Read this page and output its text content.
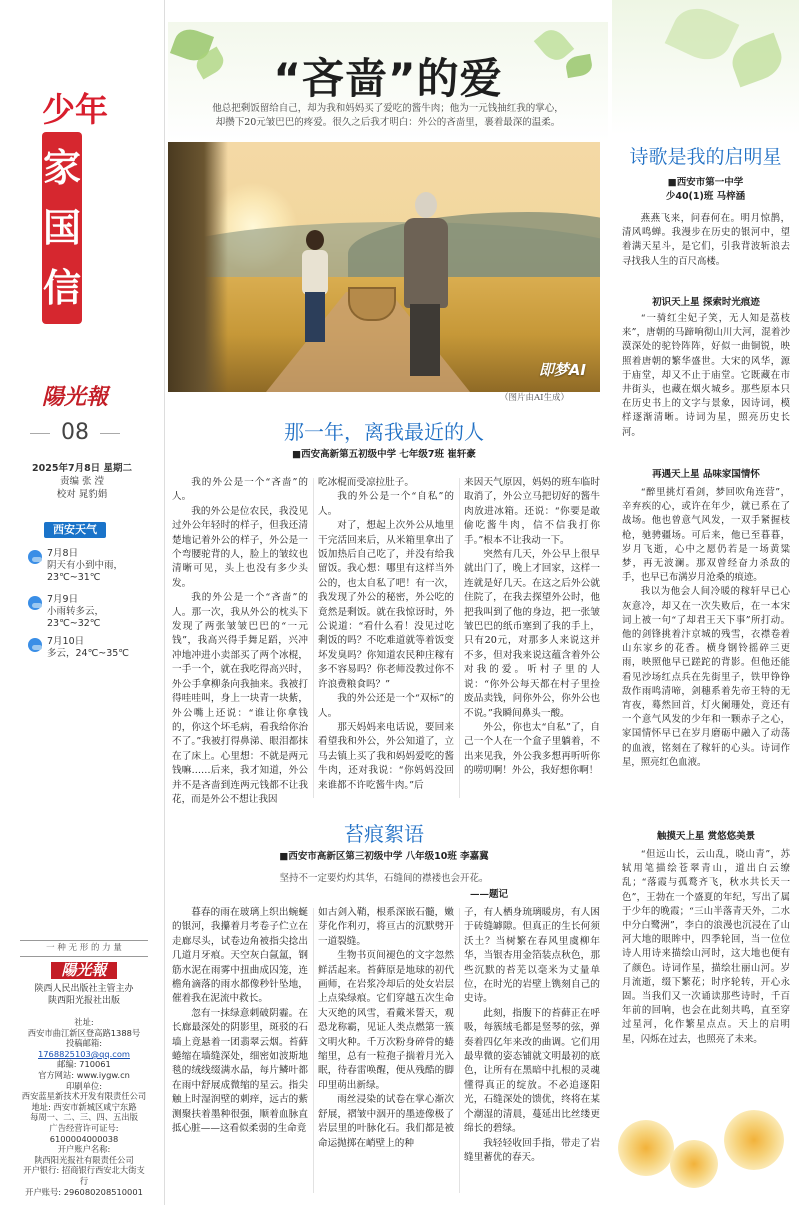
少年
家国信
陽光報
08
2025年7月8日 星期二
责编 张 滢
校对 晁豹娟
西安天气
7月8日
阴天有小到中雨，
23℃~31℃
7月9日
小雨转多云，
23℃~32℃
7月10日
多云，24℃~35℃
一 种 无 形 的 力 量
陽光報
陕西人民出版社主管主办
陕西阳光报社出版
社址:
西安市曲江新区登高路1388号
投稿邮箱:
1768825103@qq.com
邮编: 710061
官方网站: www.iygw.cn
印刷单位:
西安蓝星新技术开发有限责任公司
地址: 西安市新城区咸宁东路
每周一、二、三、四、五出版
广告经营许可证号:
6100004000038
开户账户名称:
陕西阳光报社有限责任公司
开户银行: 招商银行西安北大街支行
开户账号: 296080208510001
“吝啬”的爱
他总把剩饭留给自己，却为我和妈妈买了爱吃的酱牛肉；他为一元钱抽红我的掌心，
却攒下20元皱巴巴的疼爱。很久之后我才明白：外公的吝啬里，裹着最深的温柔。
即梦AI
（图片由AI生成）
那一年，离我最近的人
■西安高新第五初级中学 七年级7班 崔轩豪

我的外公是一个“吝啬”的人。

我的外公是位农民，我没见过外公年轻时的样子，但我还清楚地记着外公的样子，外公是一个弯腰驼背的人，脸上的皱纹也清晰可见，头上也没有多少头发。

我的外公是一个“吝啬”的人。那一次，我从外公的枕头下发现了两张皱皱巴巴的“一元钱”，我高兴得手舞足蹈，兴冲冲地冲进小卖部买了两个冰棍，一手一个，就在我吃得高兴时，外公手拿柳条向我抽来。我被打得哇哇叫，身上一块青一块紫，外公嘴上还说：“谁让你拿钱的，你这个坏毛病，看我给你治不了。”我被打得鼻涕、眼泪都抹在了床上。心里想：不就是两元钱嘛……后来，我才知道，外公并不是吝啬到连两元钱都不让我花，而是外公不想让我因

吃冰棍而受凉拉肚子。

我的外公是一个“自私”的人。

对了，想起上次外公从地里干完活回来后，从米箱里拿出了饭加热后自己吃了，并没有给我留饭。我心想：哪里有这样当外公的，也太自私了吧！有一次，我发现了外公的秘密，外公吃的竟然是剩饭。就在我惊讶时，外公说道：“看什么看！没见过吃剩饭的吗？不吃难道就等着饭变坏发臭吗？你知道农民种庄稼有多不容易吗？你老师没教过你不许浪费粮食吗？”

我的外公还是一个“双标”的人。

那天妈妈来电话说，要回来看望我和外公，外公知道了，立马去镇上买了我和妈妈爱吃的酱牛肉，还对我说：“你妈妈没回来谁都不许吃酱牛肉。”后

来因天气原因，妈妈的班车临时取消了，外公立马把切好的酱牛肉放进冰箱。还说：“你要是敢偷吃酱牛肉，信不信我打你手。”根本不让我动一下。

突然有几天，外公早上很早就出门了，晚上才回家，这样一连就是好几天。在这之后外公就住院了，在我去探望外公时，他把我叫到了他的身边，把一张皱皱巴巴的纸币塞到了我的手上，只有20元，对那多人来说这并不多，但对我来说这蕴含着外公对我的爱。听村子里的人说：“你外公每天都在村子里捡废品卖钱，问你外公，你外公也不说。”我瞬间鼻头一酸。

外公，你也太“自私”了，自己一个人在一个盒子里躺着，不出来见我，外公我多想再听听你的唠叨啊！外公，我好想你啊！

苔痕絮语
■西安市高新区第三初级中学 八年级10班 李嘉冀
坚持不一定要灼灼其华，石缝间的襟褛也会开花。
——题记

暮春的雨在玻璃上织出蜿蜒的银河，我攥着月考卷子伫立在走廊尽头，试卷边角被指尖捻出几道月牙痕。天空灰白氤氲，钢筋水泥在雨雾中扭曲成囚笼，连檐角滴落的雨水都像秒针坠地，催着我在泥流中救长。

忽有一抹绿意刺破阴霾。在长廊最深处的阴影里，斑驳的石墙上竟悬着一团翡翠云烟。苔藓蜷缩在墙缝深处，细密如波斯地毯的绒线缀满水晶，每片鳞叶都在雨中舒展成微缩的星云。指尖触上时湿润壁的刺痒，远古的紫测聚扶着墨种很强，顺着血脉直抵心脏——这看似柔弱的生命竟

如古剑入鞘，根系深嵌石髓，嫩芽化作利刃，将亘古的沉默劈开一道裂缝。

生物书页间褪色的文字忽然鲜活起来。苔藓原是地球的初代画师，在岩浆冷却后的处女岩层上点染绿痕。它们穿越五次生命大灭绝的风雪，看戴米誓天，观恐龙称霸，见证人类点燃第一簇文明火种。千万次粉身碎骨的蜷缩里，总有一粒孢子揣着月光入眠，待春雷唤醒，便从残酷的脚印里萌出新绿。

雨丝浸染的试卷在掌心渐次舒展，褶皱中洇开的墨迹像极了岩层里的叶脉化石。我们都是被命运抛掷在峭壁上的种

子，有人栖身琉璃暖房，有人困于砖缝罅隙。但真正的生长何须沃土？当树繁在春风里虞柳年华，当银杏用金箔装点秋色，那些沉默的苔芜以毫米为丈量单位，在时光的岩壁上镌刻自己的史诗。

此刻，指腹下的苔藓正在呼吸，每簇绒毛都是竖琴的弦，弹奏着四亿年来改的曲调。它们用最卑微的姿态铺就文明最初的底色，让所有在黑暗中扎根的灵魂懂得真正的绽放。不必追逐阳光，石缝深处的馈优，终将在某个潮湿的清晨，蔓延出比丝缕更绵长的碧绿。

我轻轻收回手指，带走了岩缝里蓄优的春天。

诗歌是我的启明星
■西安市第一中学
少40(1)班 马梓涵

燕燕飞来，问春何在。明月惊鹊，清风鸣蝉。我漫步在历史的银河中，望着满天星斗，是它们，引我背波斩浪去寻找我人生的百尺高楼。

初识天上星 探索时光痕迹

“一骑红尘妃子笑，无人知是荔枝来”，唐朝的马蹄响彻山川大河，混着沙漠深处的驼铃阵阵，好似一曲铜锐，映照着唐朝的繁华盛世。大宋的风华，源于庙堂，却又不止于庙堂。它既藏在市井街头，也藏在烟火城乡。那些原本只在历史书上的文字与景象，因诗词，模样逐渐清晰。诗词为星，照亮历史长河。

再遇天上星 品味家国情怀

“醉里挑灯看剑，梦回吹角连营”，辛弃疾的心，或许在年少，就已系在了战场。他也曾意气风发，一双手紧握枝枪，驰骋疆场。可后来，他已至暮暮，岁月飞逝，心中之愿仍若是一场黄粱梦，再无波澜。那双曾经奋力杀敌的手，也早已布满岁月沧桑的痕迹。

我以为他会人间冷暖的稼轩早已心灰意冷，却又在一次失败后，在一本宋词上被一句“了却君王天下事”所打动。他的剑锋挑着汴京城的残雪，衣襟卷着山东家乡的花香。横身钢铃摇碎三更雨，映照他早已蹉跎的背影。但他还能看见沙场红点兵在先街里子，铁甲铮铮敌作雨鸣清啼，剑穗系着先帝王特的无宵夜，蓦然回首，灯火阑珊处，竟还有一个意气风发的少年和一颗赤子之心，家国情怀早已在岁月磨砺中融入了动荡的血液，铭刻在了稼轩的心头。诗词作星，照亮红色血液。

触摸天上星 赏悠悠美景

“但远山长，云山乱，晓山青”，苏轼用笔描绘苍翠青山，道出白云缭乱；“落霞与孤鹜齐飞，秋水共长天一色”，王勃在一个盛夏的年纪，写出了属于少年的晚霞；“三山半落青天外，二水中分白鹭洲”，李白的浪漫也沉浸在了山河大地的眼眸中，四季轮回，当一位位诗人用诗来描绘山河时，这大地也便有了颜色。诗词作星，描绘壮丽山河。岁月流逝，缀下繁花；时序轮转，开心永固。当我们又一次诵读那些诗时，千百年前的回响，也会在此刻共鸣，直至穿过星河，化作繁星点点。天上的启明星，闪烁在过去，也照亮了未来。
